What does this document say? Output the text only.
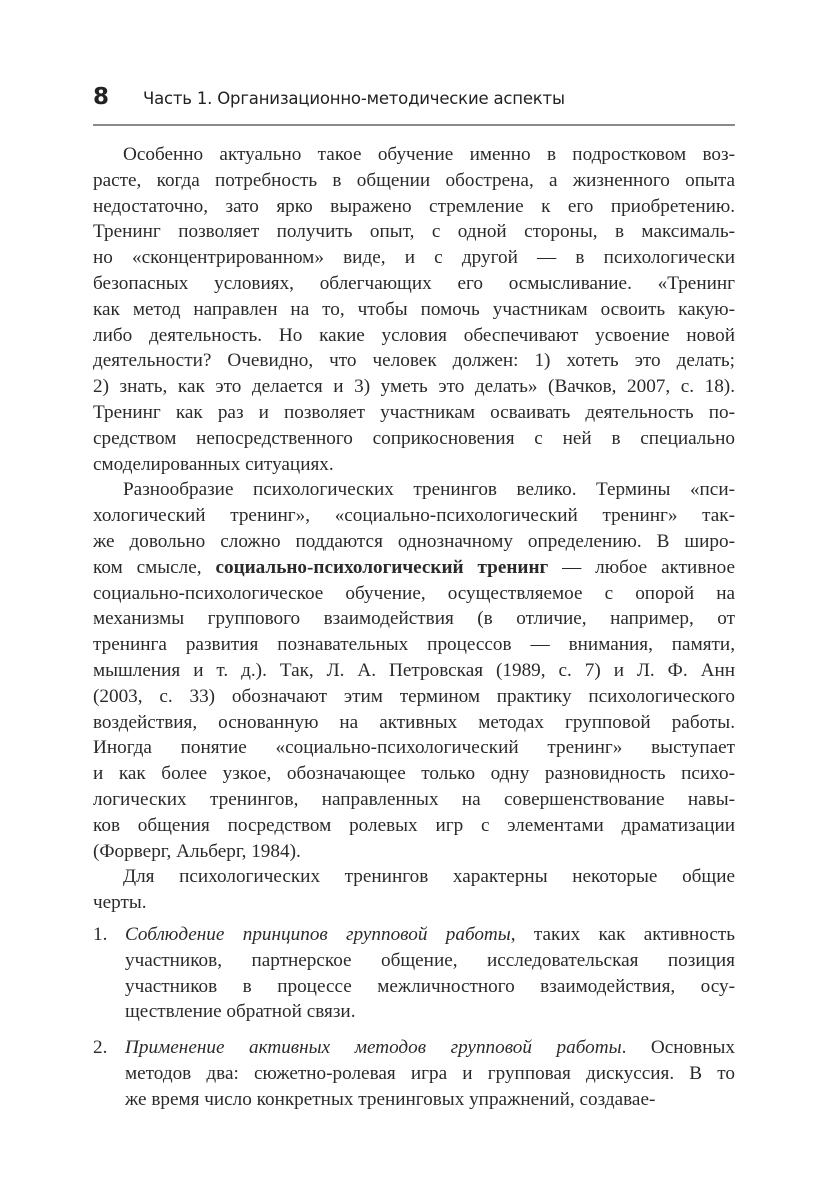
8 Часть 1. Организационно-методические аспекты
Особенно актуально такое обучение именно в подростковом воз-
расте, когда потребность в общении обострена, а жизненного опыта
недостаточно, зато ярко выражено стремление к его приобретению.
Тренинг позволяет получить опыт, с одной стороны, в максималь-
но «сконцентрированном» виде, и с другой — в психологически
безопасных условиях, облегчающих его осмысливание. «Тренинг
как метод направлен на то, чтобы помочь участникам освоить какую-
либо деятельность. Но какие условия обеспечивают усвоение новой
деятельности? Очевидно, что человек должен: 1) хотеть это делать;
2) знать, как это делается и 3) уметь это делать» (Вачков, 2007, с. 18).
Тренинг как раз и позволяет участникам осваивать деятельность по-
средством непосредственного соприкосновения с ней в специально
смоделированных ситуациях.
Разнообразие психологических тренингов велико. Термины «пси-
хологический тренинг», «социально-психологический тренинг» так-
же довольно сложно поддаются однозначному определению. В широ-
ком смысле, социально-психологический тренинг — любое активное
социально-психологическое обучение, осуществляемое с опорой на
механизмы группового взаимодействия (в отличие, например, от
тренинга развития познавательных процессов — внимания, памяти,
мышления и т. д.). Так, Л. А. Петровская (1989, с. 7) и Л. Ф. Анн
(2003, с. 33) обозначают этим термином практику психологического
воздействия, основанную на активных методах групповой работы.
Иногда понятие «социально-психологический тренинг» выступает
и как более узкое, обозначающее только одну разновидность психо-
логических тренингов, направленных на совершенствование навы-
ков общения посредством ролевых игр с элементами драматизации
(Форверг, Альберг, 1984).
Для психологических тренингов характерны некоторые общие
черты.
1. Соблюдение принципов групповой работы, таких как активность
участников, партнерское общение, исследовательская позиция
участников в процессе межличностного взаимодействия, осу-
ществление обратной связи.
2. Применение активных методов групповой работы. Основных
методов два: сюжетно-ролевая игра и групповая дискуссия. В то
же время число конкретных тренинговых упражнений, создавае-
